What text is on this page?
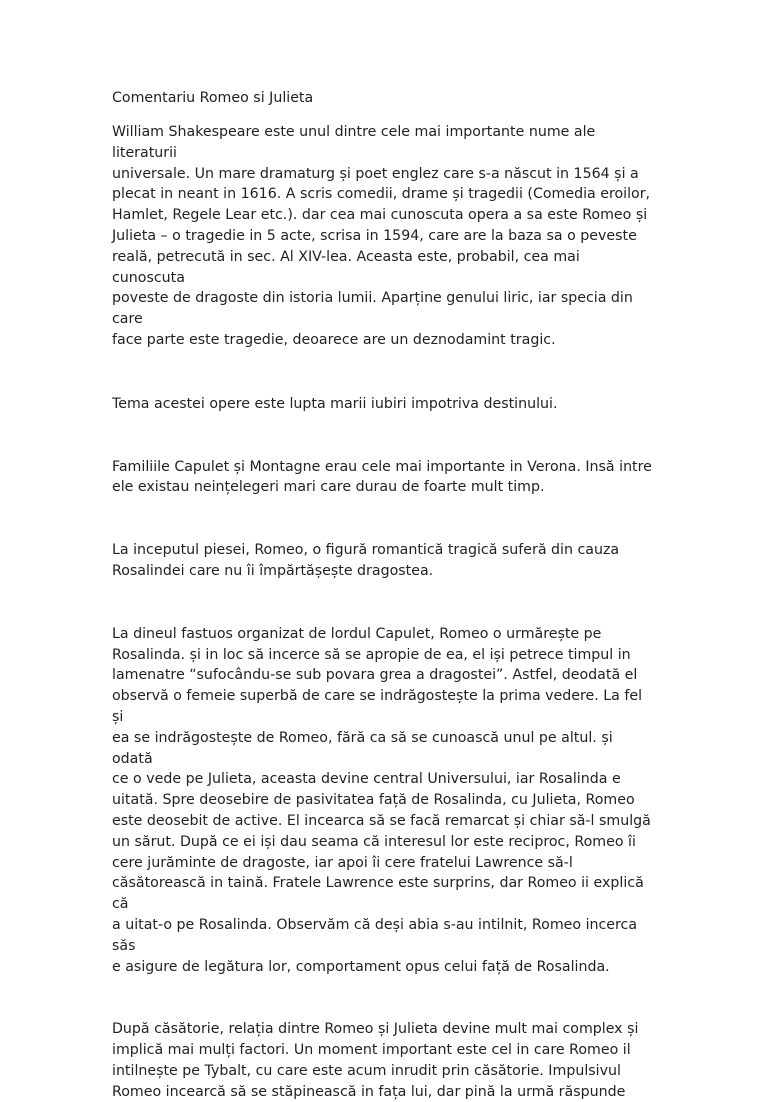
Comentariu Romeo si Julieta

William Shakespeare este unul dintre cele mai importante nume ale literaturii
universale. Un mare dramaturg și poet englez care s-a născut in 1564 și a
plecat in neant in 1616. A scris comedii, drame și tragedii (Comedia eroilor,
Hamlet, Regele Lear etc.). dar cea mai cunoscuta opera a sa este Romeo și
Julieta – o tragedie in 5 acte, scrisa in 1594, care are la baza sa o peveste
reală, petrecută in sec. Al XIV-lea. Aceasta este, probabil, cea mai cunoscuta
poveste de dragoste din istoria lumii. Aparține genului liric, iar specia din care
face parte este tragedie, deoarece are un deznodamint tragic.

Tema acestei opere este lupta marii iubiri impotriva destinului.

Familiile Capulet și Montagne erau cele mai importante in Verona. Insă intre
ele existau neințelegeri mari care durau de foarte mult timp.

La inceputul piesei, Romeo, o figură romantică tragică suferă din cauza
Rosalindei care nu îi împărtășește dragostea.

La dineul fastuos organizat de lordul Capulet, Romeo o urmărește pe
Rosalinda. și in loc să incerce să se apropie de ea, el iși petrece timpul in
lamenatre “sufocându-se sub povara grea a dragostei”. Astfel, deodată el
observă o femeie superbă de care se indrăgostește la prima vedere. La fel și
ea se indrăgostește de Romeo, fără ca să se cunoască unul pe altul. și odată
ce o vede pe Julieta, aceasta devine central Universului, iar Rosalinda e
uitată. Spre deosebire de pasivitatea față de Rosalinda, cu Julieta, Romeo
este deosebit de active. El incearca să se facă remarcat și chiar să-l smulgă
un sărut. După ce ei iși dau seama că interesul lor este reciproc, Romeo îi
cere jurăminte de dragoste, iar apoi îi cere fratelui Lawrence să-l
căsătorească in taină. Fratele Lawrence este surprins, dar Romeo ii explică că
a uitat-o pe Rosalinda. Observăm că deși abia s-au intilnit, Romeo incerca săs
e asigure de legătura lor, comportament opus celui față de Rosalinda.

După căsătorie, relația dintre Romeo și Julieta devine mult mai complex și
implică mai mulți factori. Un moment important este cel in care Romeo il
intilnește pe Tybalt, cu care este acum inrudit prin căsătorie. Impulsivul
Romeo incearcă să se stăpinească in fața lui, dar pină la urmă răspunde
